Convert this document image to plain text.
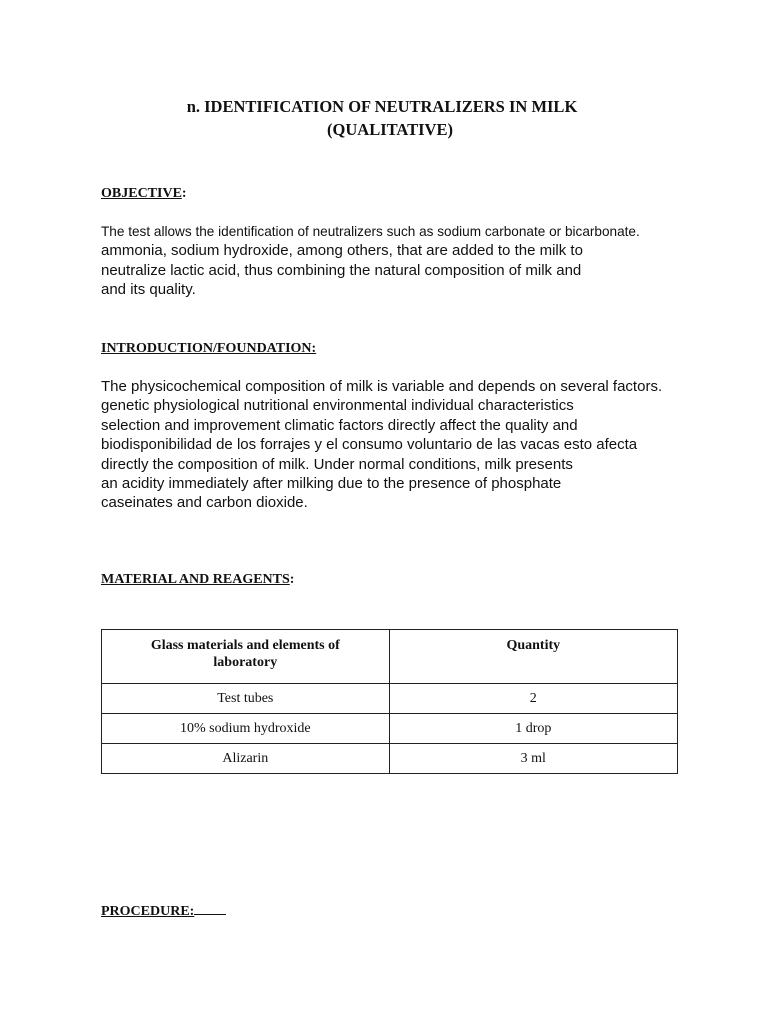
n. IDENTIFICATION OF NEUTRALIZERS IN MILK
(QUALITATIVE)
OBJECTIVE:
The test allows the identification of neutralizers such as sodium carbonate or bicarbonate.
ammonia, sodium hydroxide, among others, that are added to the milk to
neutralize lactic acid, thus combining the natural composition of milk and
and its quality.
INTRODUCTION/FOUNDATION:
The physicochemical composition of milk is variable and depends on several factors.
genetic physiological nutritional environmental individual characteristics
selection and improvement climatic factors directly affect the quality and
biodisponibilidad de los forrajes y el consumo voluntario de las vacas esto afecta
directly the composition of milk. Under normal conditions, milk presents
an acidity immediately after milking due to the presence of phosphate
caseinates and carbon dioxide.
MATERIAL AND REAGENTS:
Glass materials and elements of laboratory	Quantity
Test tubes	2
10% sodium hydroxide	1 drop
Alizarin	3 ml
PROCEDURE:
